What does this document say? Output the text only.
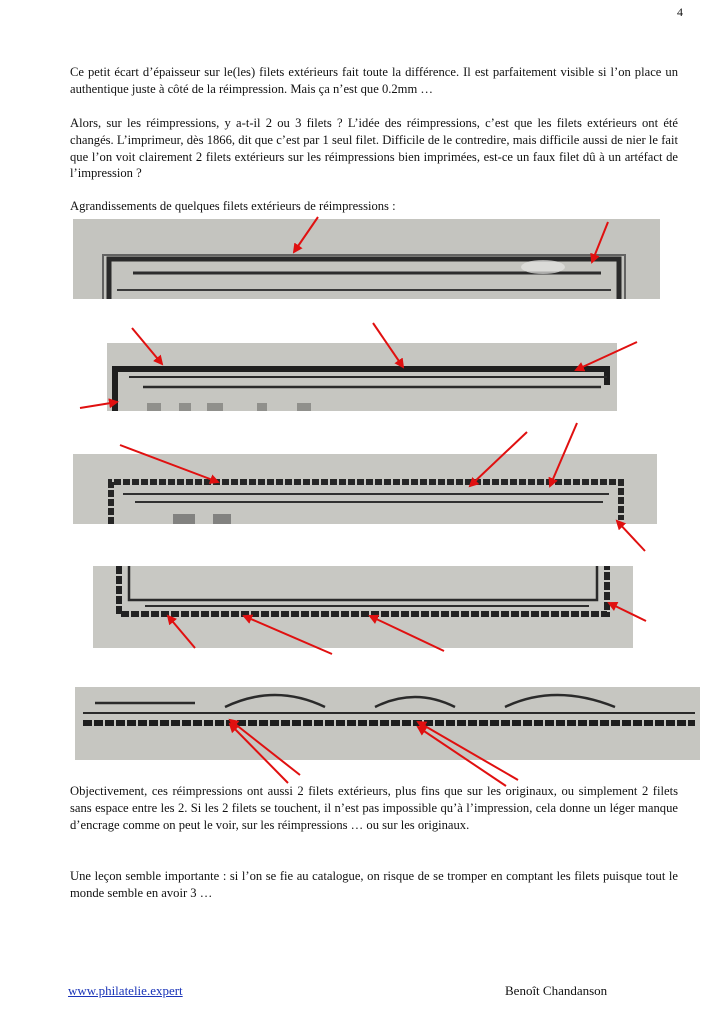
4

Ce petit écart d’épaisseur sur le(les) filets extérieurs fait toute la différence. Il est parfaitement visible si l’on place un authentique juste à côté de la réimpression. Mais ça n’est que 0.2mm …

Alors, sur les réimpressions, y a-t-il 2 ou 3 filets ? L’idée des réimpressions, c’est que les filets extérieurs ont été changés. L’imprimeur, dès 1866, dit que c’est par 1 seul filet. Difficile de le contredire, mais difficile aussi de nier le fait que l’on voit clairement 2 filets extérieurs sur les réimpressions bien imprimées, est-ce un faux filet dû à un artéfact de l’impression ?

Agrandissements de quelques filets extérieurs de réimpressions :

Objectivement, ces réimpressions ont aussi 2 filets extérieurs, plus fins que sur les originaux, ou simplement 2 filets sans espace entre les 2. Si les 2 filets se touchent, il n’est pas impossible qu’à l’impression, cela donne un léger manque d’encrage comme on peut le voir, sur les réimpressions … ou sur les originaux.

Une leçon semble importante : si l’on se fie au catalogue, on risque de se tromper en comptant les filets puisque tout le monde semble en avoir 3 …

www.philatelie.expert	Benoît Chandanson
